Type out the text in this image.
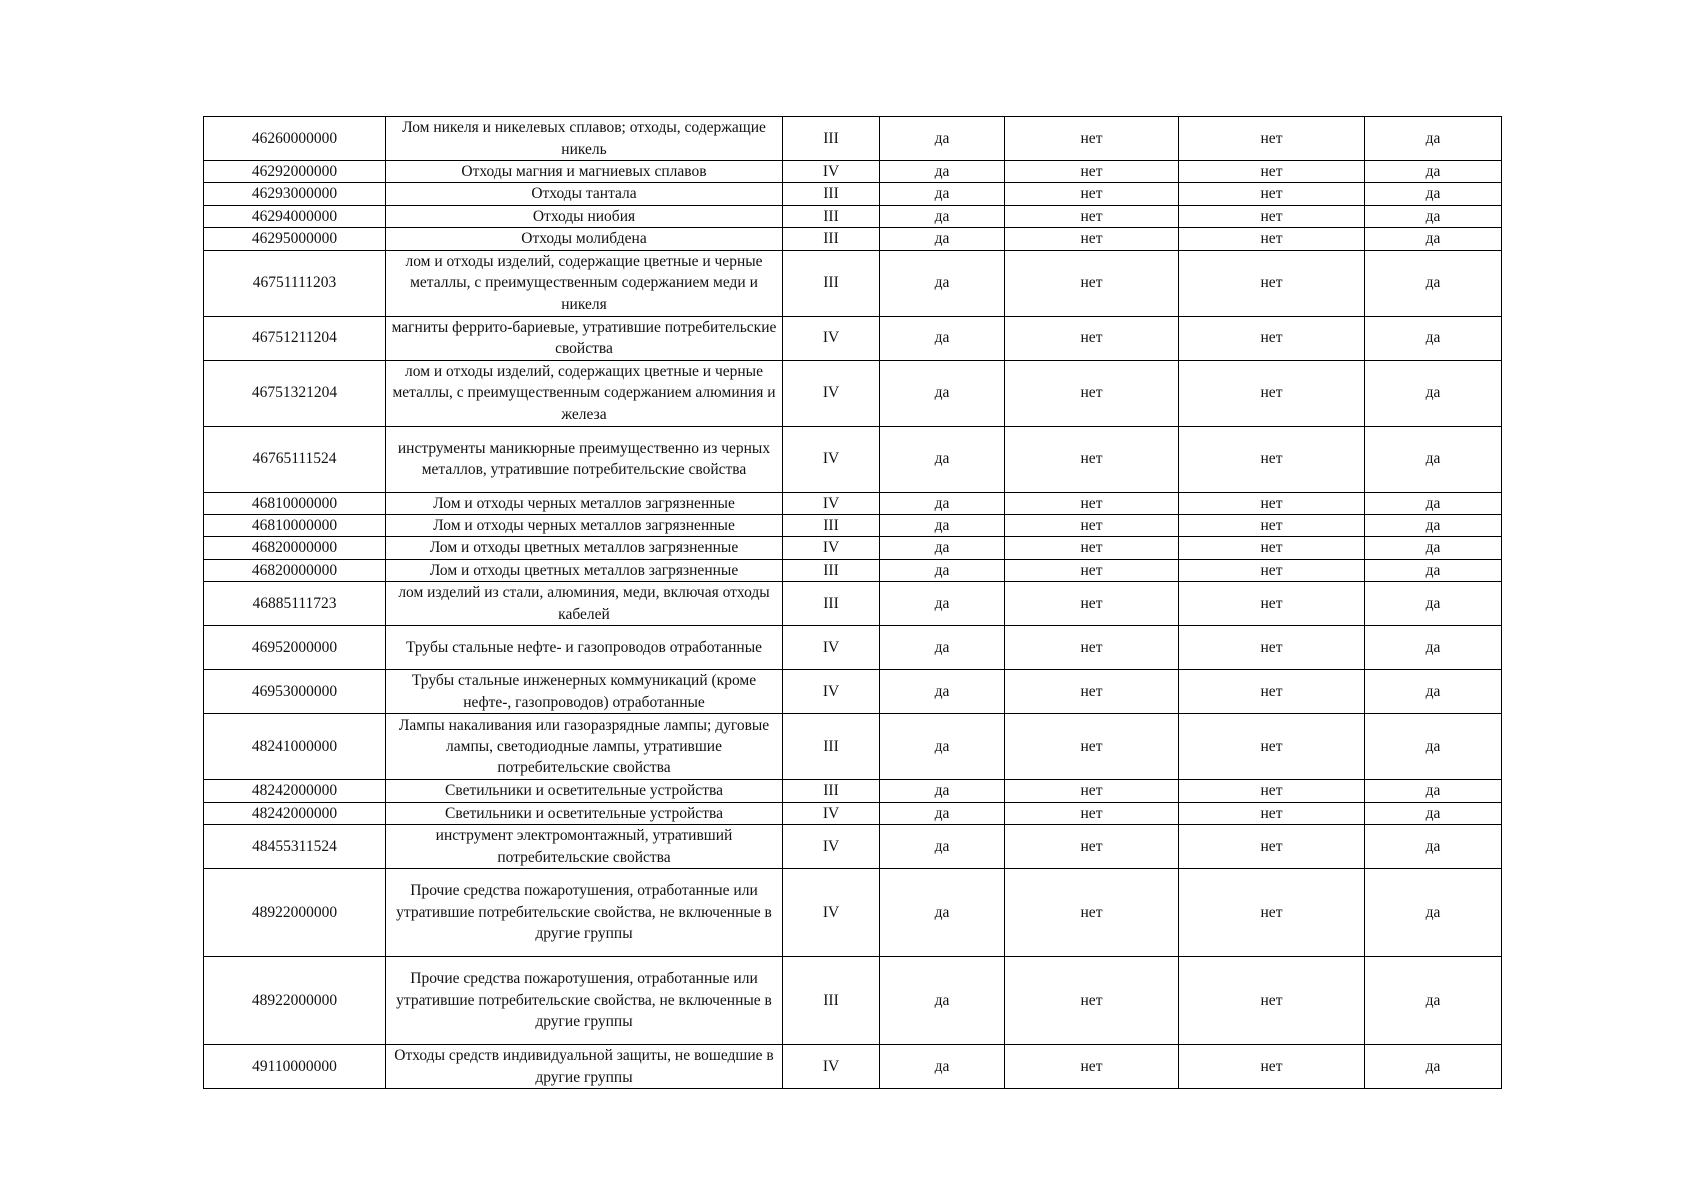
46260000000	Лом никеля и никелевых сплавов; отходы, содержащие никель	III	да	нет	нет	да
46292000000	Отходы магния и магниевых сплавов	IV	да	нет	нет	да
46293000000	Отходы тантала	III	да	нет	нет	да
46294000000	Отходы ниобия	III	да	нет	нет	да
46295000000	Отходы молибдена	III	да	нет	нет	да
46751111203	лом и отходы изделий, содержащие цветные и черные металлы, с преимущественным содержанием меди и никеля	III	да	нет	нет	да
46751211204	магниты феррито-бариевые, утратившие потребительские свойства	IV	да	нет	нет	да
46751321204	лом и отходы изделий, содержащих цветные и черные металлы, с преимущественным содержанием алюминия и железа	IV	да	нет	нет	да
46765111524	инструменты маникюрные преимущественно из черных металлов, утратившие потребительские свойства	IV	да	нет	нет	да
46810000000	Лом и отходы черных металлов загрязненные	IV	да	нет	нет	да
46810000000	Лом и отходы черных металлов загрязненные	III	да	нет	нет	да
46820000000	Лом и отходы цветных металлов загрязненные	IV	да	нет	нет	да
46820000000	Лом и отходы цветных металлов загрязненные	III	да	нет	нет	да
46885111723	лом изделий из стали, алюминия, меди, включая отходы кабелей	III	да	нет	нет	да
46952000000	Трубы стальные нефте- и газопроводов отработанные	IV	да	нет	нет	да
46953000000	Трубы стальные инженерных коммуникаций (кроме нефте-, газопроводов) отработанные	IV	да	нет	нет	да
48241000000	Лампы накаливания или газоразрядные лампы; дуговые лампы, светодиодные лампы, утратившие потребительские свойства	III	да	нет	нет	да
48242000000	Светильники и осветительные устройства	III	да	нет	нет	да
48242000000	Светильники и осветительные устройства	IV	да	нет	нет	да
48455311524	инструмент электромонтажный, утративший потребительские свойства	IV	да	нет	нет	да
48922000000	Прочие средства пожаротушения, отработанные или утратившие потребительские свойства, не включенные в другие группы	IV	да	нет	нет	да
48922000000	Прочие средства пожаротушения, отработанные или утратившие потребительские свойства, не включенные в другие группы	III	да	нет	нет	да
49110000000	Отходы средств индивидуальной защиты, не вошедшие в другие группы	IV	да	нет	нет	да
